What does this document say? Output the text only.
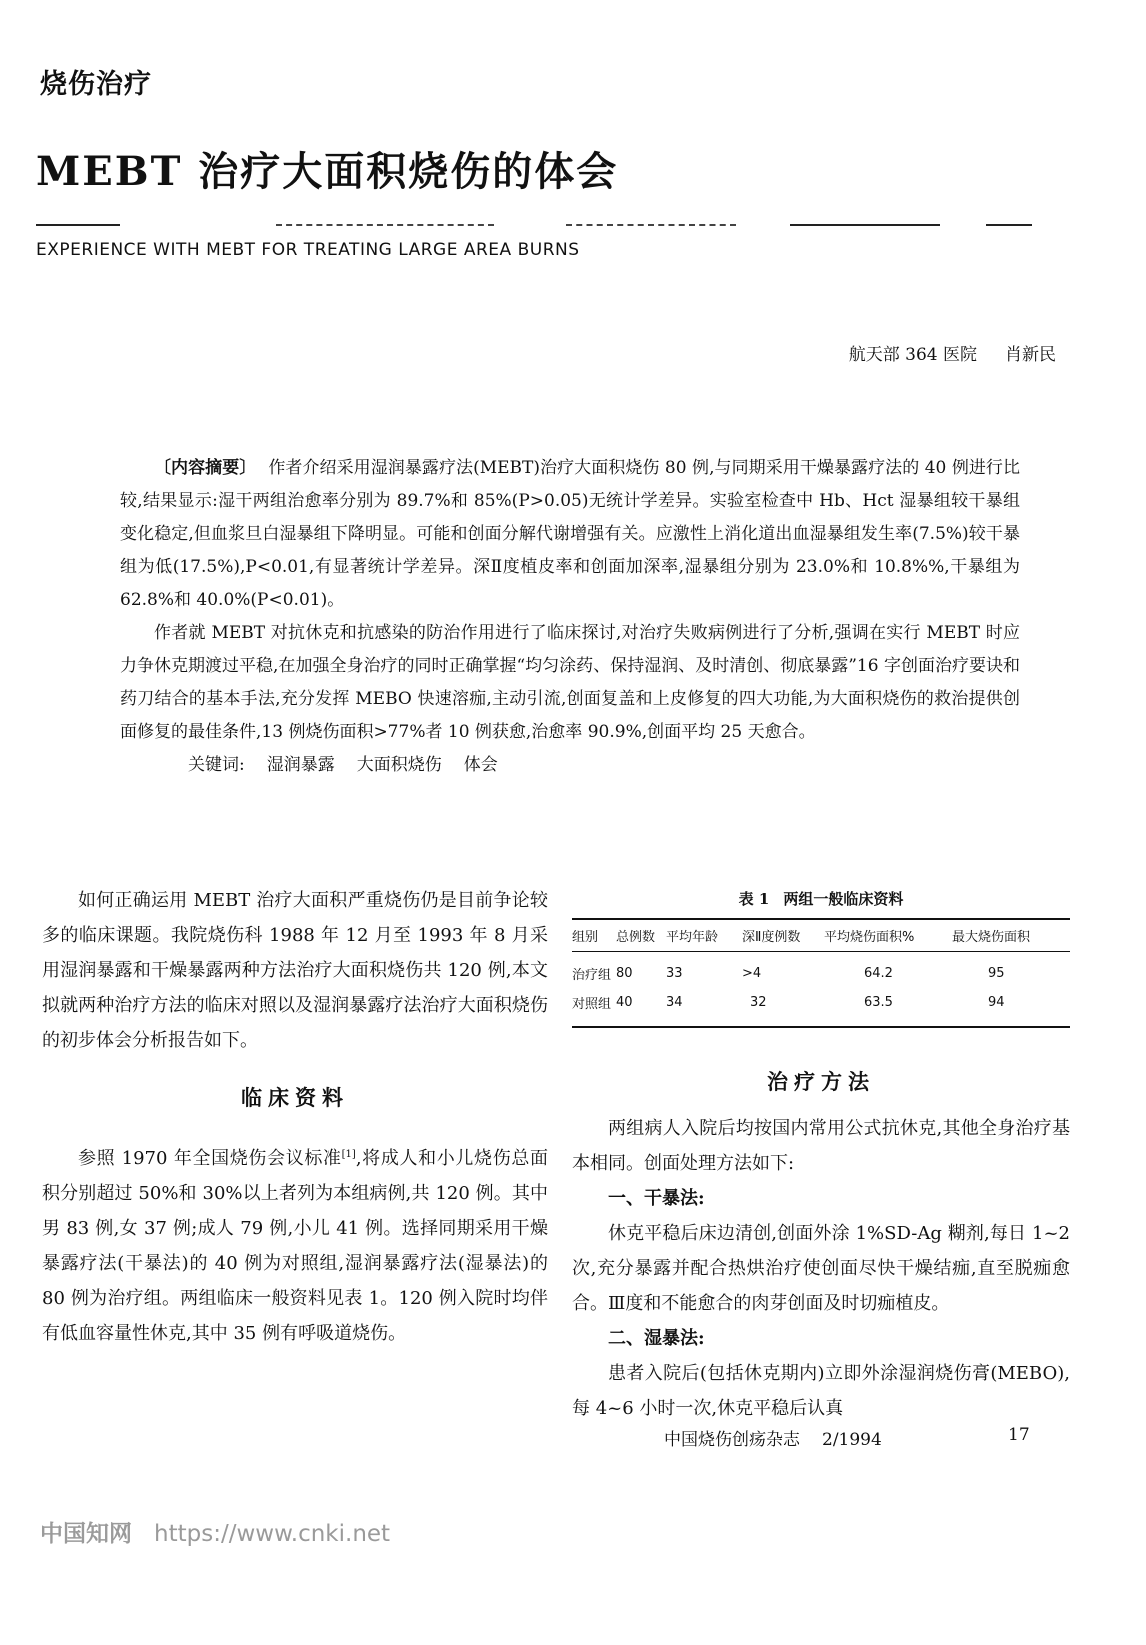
烧伤治疗
MEBT 治疗大面积烧伤的体会
EXPERIENCE WITH MEBT FOR TREATING LARGE AREA BURNS
航天部 364 医院 肖新民

〔内容摘要〕 作者介绍采用湿润暴露疗法(MEBT)治疗大面积烧伤 80 例,与同期采用干燥暴露疗法的 40 例进行比较,结果显示:湿干两组治愈率分别为 89.7%和 85%(P>0.05)无统计学差异。实验室检查中 Hb、Hct 湿暴组较干暴组变化稳定,但血浆旦白湿暴组下降明显。可能和创面分解代谢增强有关。应激性上消化道出血湿暴组发生率(7.5%)较干暴组为低(17.5%),P<0.01,有显著统计学差异。深Ⅱ度植皮率和创面加深率,湿暴组分别为 23.0%和 10.8%%,干暴组为 62.8%和 40.0%(P<0.01)。

作者就 MEBT 对抗休克和抗感染的防治作用进行了临床探讨,对治疗失败病例进行了分析,强调在实行 MEBT 时应力争休克期渡过平稳,在加强全身治疗的同时正确掌握“均匀涂药、保持湿润、及时清创、彻底暴露”16 字创面治疗要诀和药刀结合的基本手法,充分发挥 MEBO 快速溶痂,主动引流,创面复盖和上皮修复的四大功能,为大面积烧伤的救治提供创面修复的最佳条件,13 例烧伤面积>77%者 10 例获愈,治愈率 90.9%,创面平均 25 天愈合。

关键词: 湿润暴露 大面积烧伤 体会

如何正确运用 MEBT 治疗大面积严重烧伤仍是目前争论较多的临床课题。我院烧伤科 1988 年 12 月至 1993 年 8 月采用湿润暴露和干燥暴露两种方法治疗大面积烧伤共 120 例,本文拟就两种治疗方法的临床对照以及湿润暴露疗法治疗大面积烧伤的初步体会分析报告如下。

临床资料

参照 1970 年全国烧伤会议标准[1],将成人和小儿烧伤总面积分别超过 50%和 30%以上者列为本组病例,共 120 例。其中男 83 例,女 37 例;成人 79 例,小儿 41 例。选择同期采用干燥暴露疗法(干暴法)的 40 例为对照组,湿润暴露疗法(湿暴法)的 80 例为治疗组。两组临床一般资料见表 1。120 例入院时均伴有低血容量性休克,其中 35 例有呼吸道烧伤。

表 1 两组一般临床资料
组别	总例数	平均年龄	深Ⅱ度例数	平均烧伤面积%	最大烧伤面积
治疗组	80	33	>4	64.2	95
对照组	40	34	32	63.5	94
治疗方法

两组病人入院后均按国内常用公式抗休克,其他全身治疗基本相同。创面处理方法如下:

一、干暴法:

休克平稳后床边清创,创面外涂 1%SD-Ag 糊剂,每日 1~2 次,充分暴露并配合热烘治疗使创面尽快干燥结痂,直至脱痂愈合。Ⅲ度和不能愈合的肉芽创面及时切痂植皮。

二、湿暴法:

患者入院后(包括休克期内)立即外涂湿润烧伤膏(MEBO),每 4~6 小时一次,休克平稳后认真

中国烧伤创疡杂志 2/1994	17
中国知网 https://www.cnki.net
